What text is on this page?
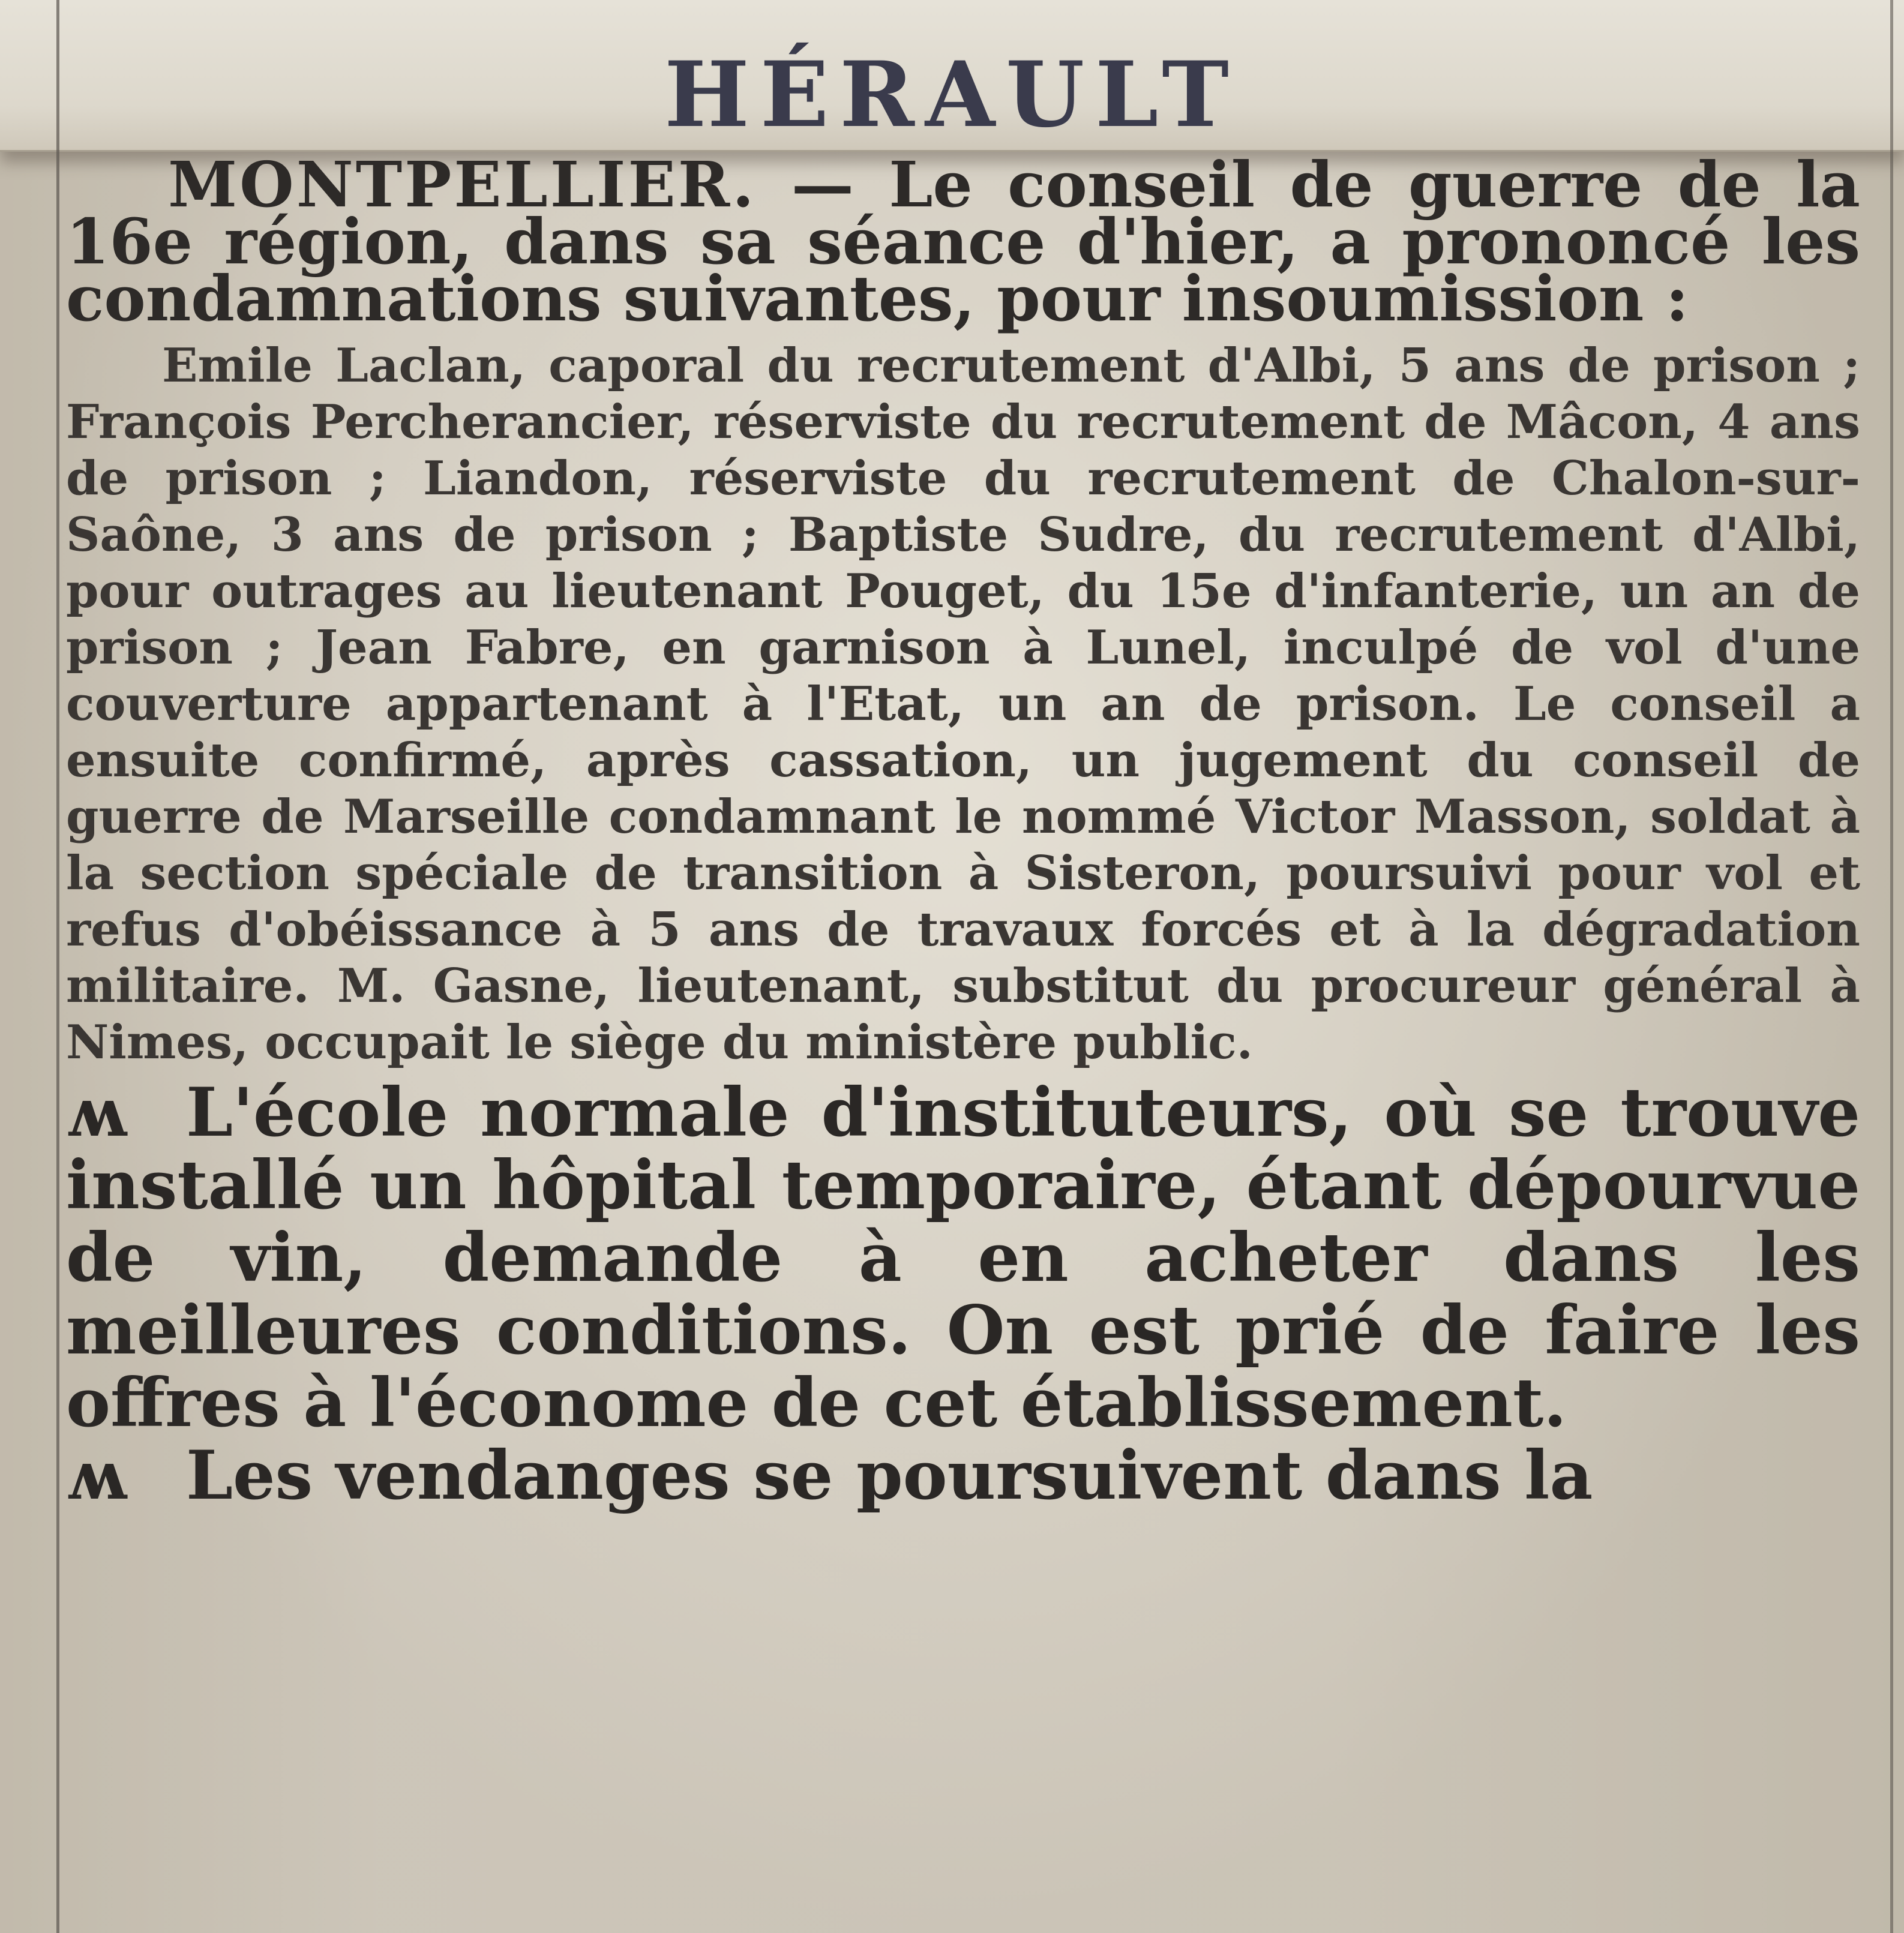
HÉRAULT

MONTPELLIER. — Le conseil de guerre de la 16e région, dans sa séance d'hier, a prononcé les condamnations suivantes, pour insoumission :

Emile Laclan, caporal du recrutement d'Albi, 5 ans de prison ; François Percherancier, réserviste du recrutement de Mâcon, 4 ans de prison ; Liandon, réserviste du recrutement de Chalon-sur-Saône, 3 ans de prison ; Baptiste Sudre, du recrutement d'Albi, pour outrages au lieutenant Pouget, du 15e d'infanterie, un an de prison ; Jean Fabre, en garnison à Lunel, inculpé de vol d'une couverture appartenant à l'Etat, un an de prison. Le conseil a ensuite confirmé, après cassation, un jugement du conseil de guerre de Marseille condamnant le nommé Victor Masson, soldat à la section spéciale de transition à Sisteron, poursuivi pour vol et refus d'obéissance à 5 ans de travaux forcés et à la dégradation militaire. M. Gasne, lieutenant, substitut du procureur général à Nimes, occupait le siège du ministère public.

ʍ L'école normale d'instituteurs, où se trouve installé un hôpital temporaire, étant dépourvue de vin, demande à en acheter dans les meilleures conditions. On est prié de faire les offres à l'économe de cet établissement.

ʍ Les vendanges se poursuivent dans la
